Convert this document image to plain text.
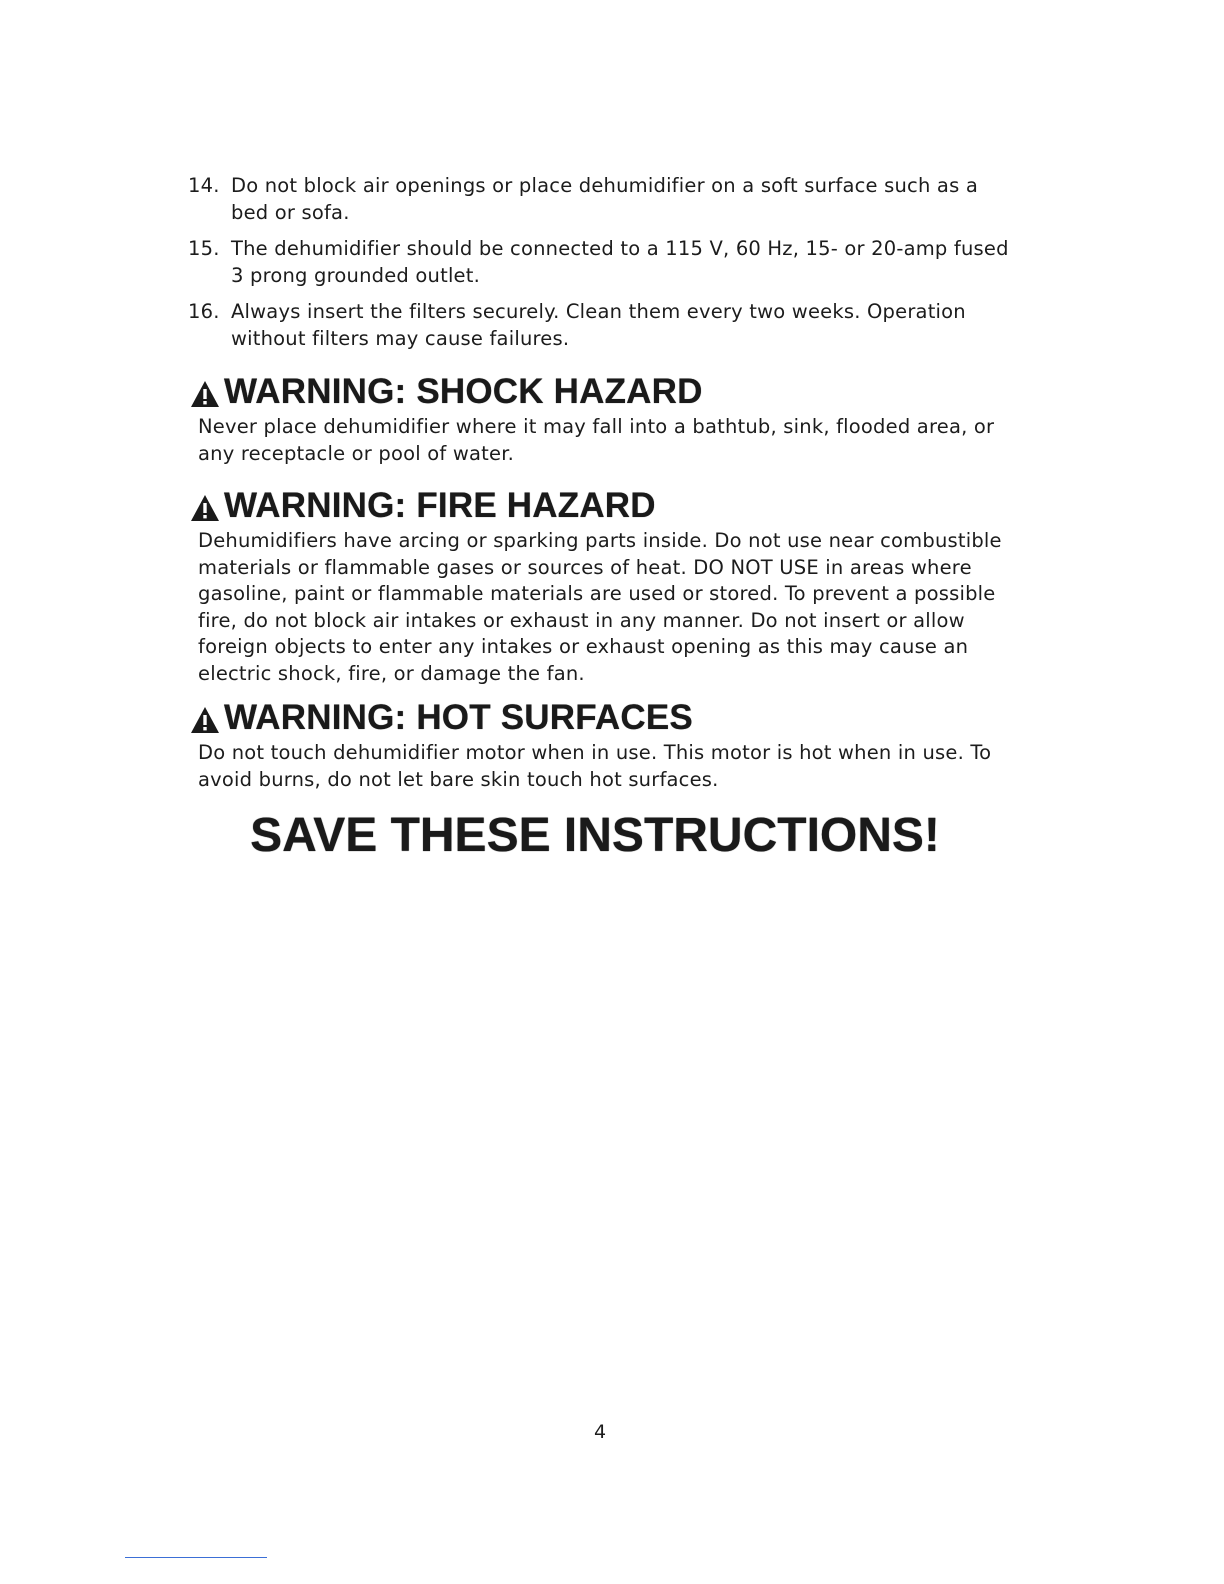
14. Do not block air openings or place dehumidifier on a soft surface such as a bed or sofa.
15. The dehumidifier should be connected to a 115 V, 60 Hz, 15- or 20-amp fused 3 prong grounded outlet.
16. Always insert the filters securely. Clean them every two weeks. Operation without filters may cause failures.
WARNING: SHOCK HAZARD
Never place dehumidifier where it may fall into a bathtub, sink, flooded area, or any receptacle or pool of water.
WARNING: FIRE HAZARD
Dehumidifiers have arcing or sparking parts inside. Do not use near combustible materials or flammable gases or sources of heat. DO NOT USE in areas where gasoline, paint or flammable materials are used or stored. To prevent a possible fire, do not block air intakes or exhaust in any manner. Do not insert or allow foreign objects to enter any intakes or exhaust opening as this may cause an electric shock, fire, or damage the fan.
WARNING: HOT SURFACES
Do not touch dehumidifier motor when in use. This motor is hot when in use. To avoid burns, do not let bare skin touch hot surfaces.
SAVE THESE INSTRUCTIONS!
4
